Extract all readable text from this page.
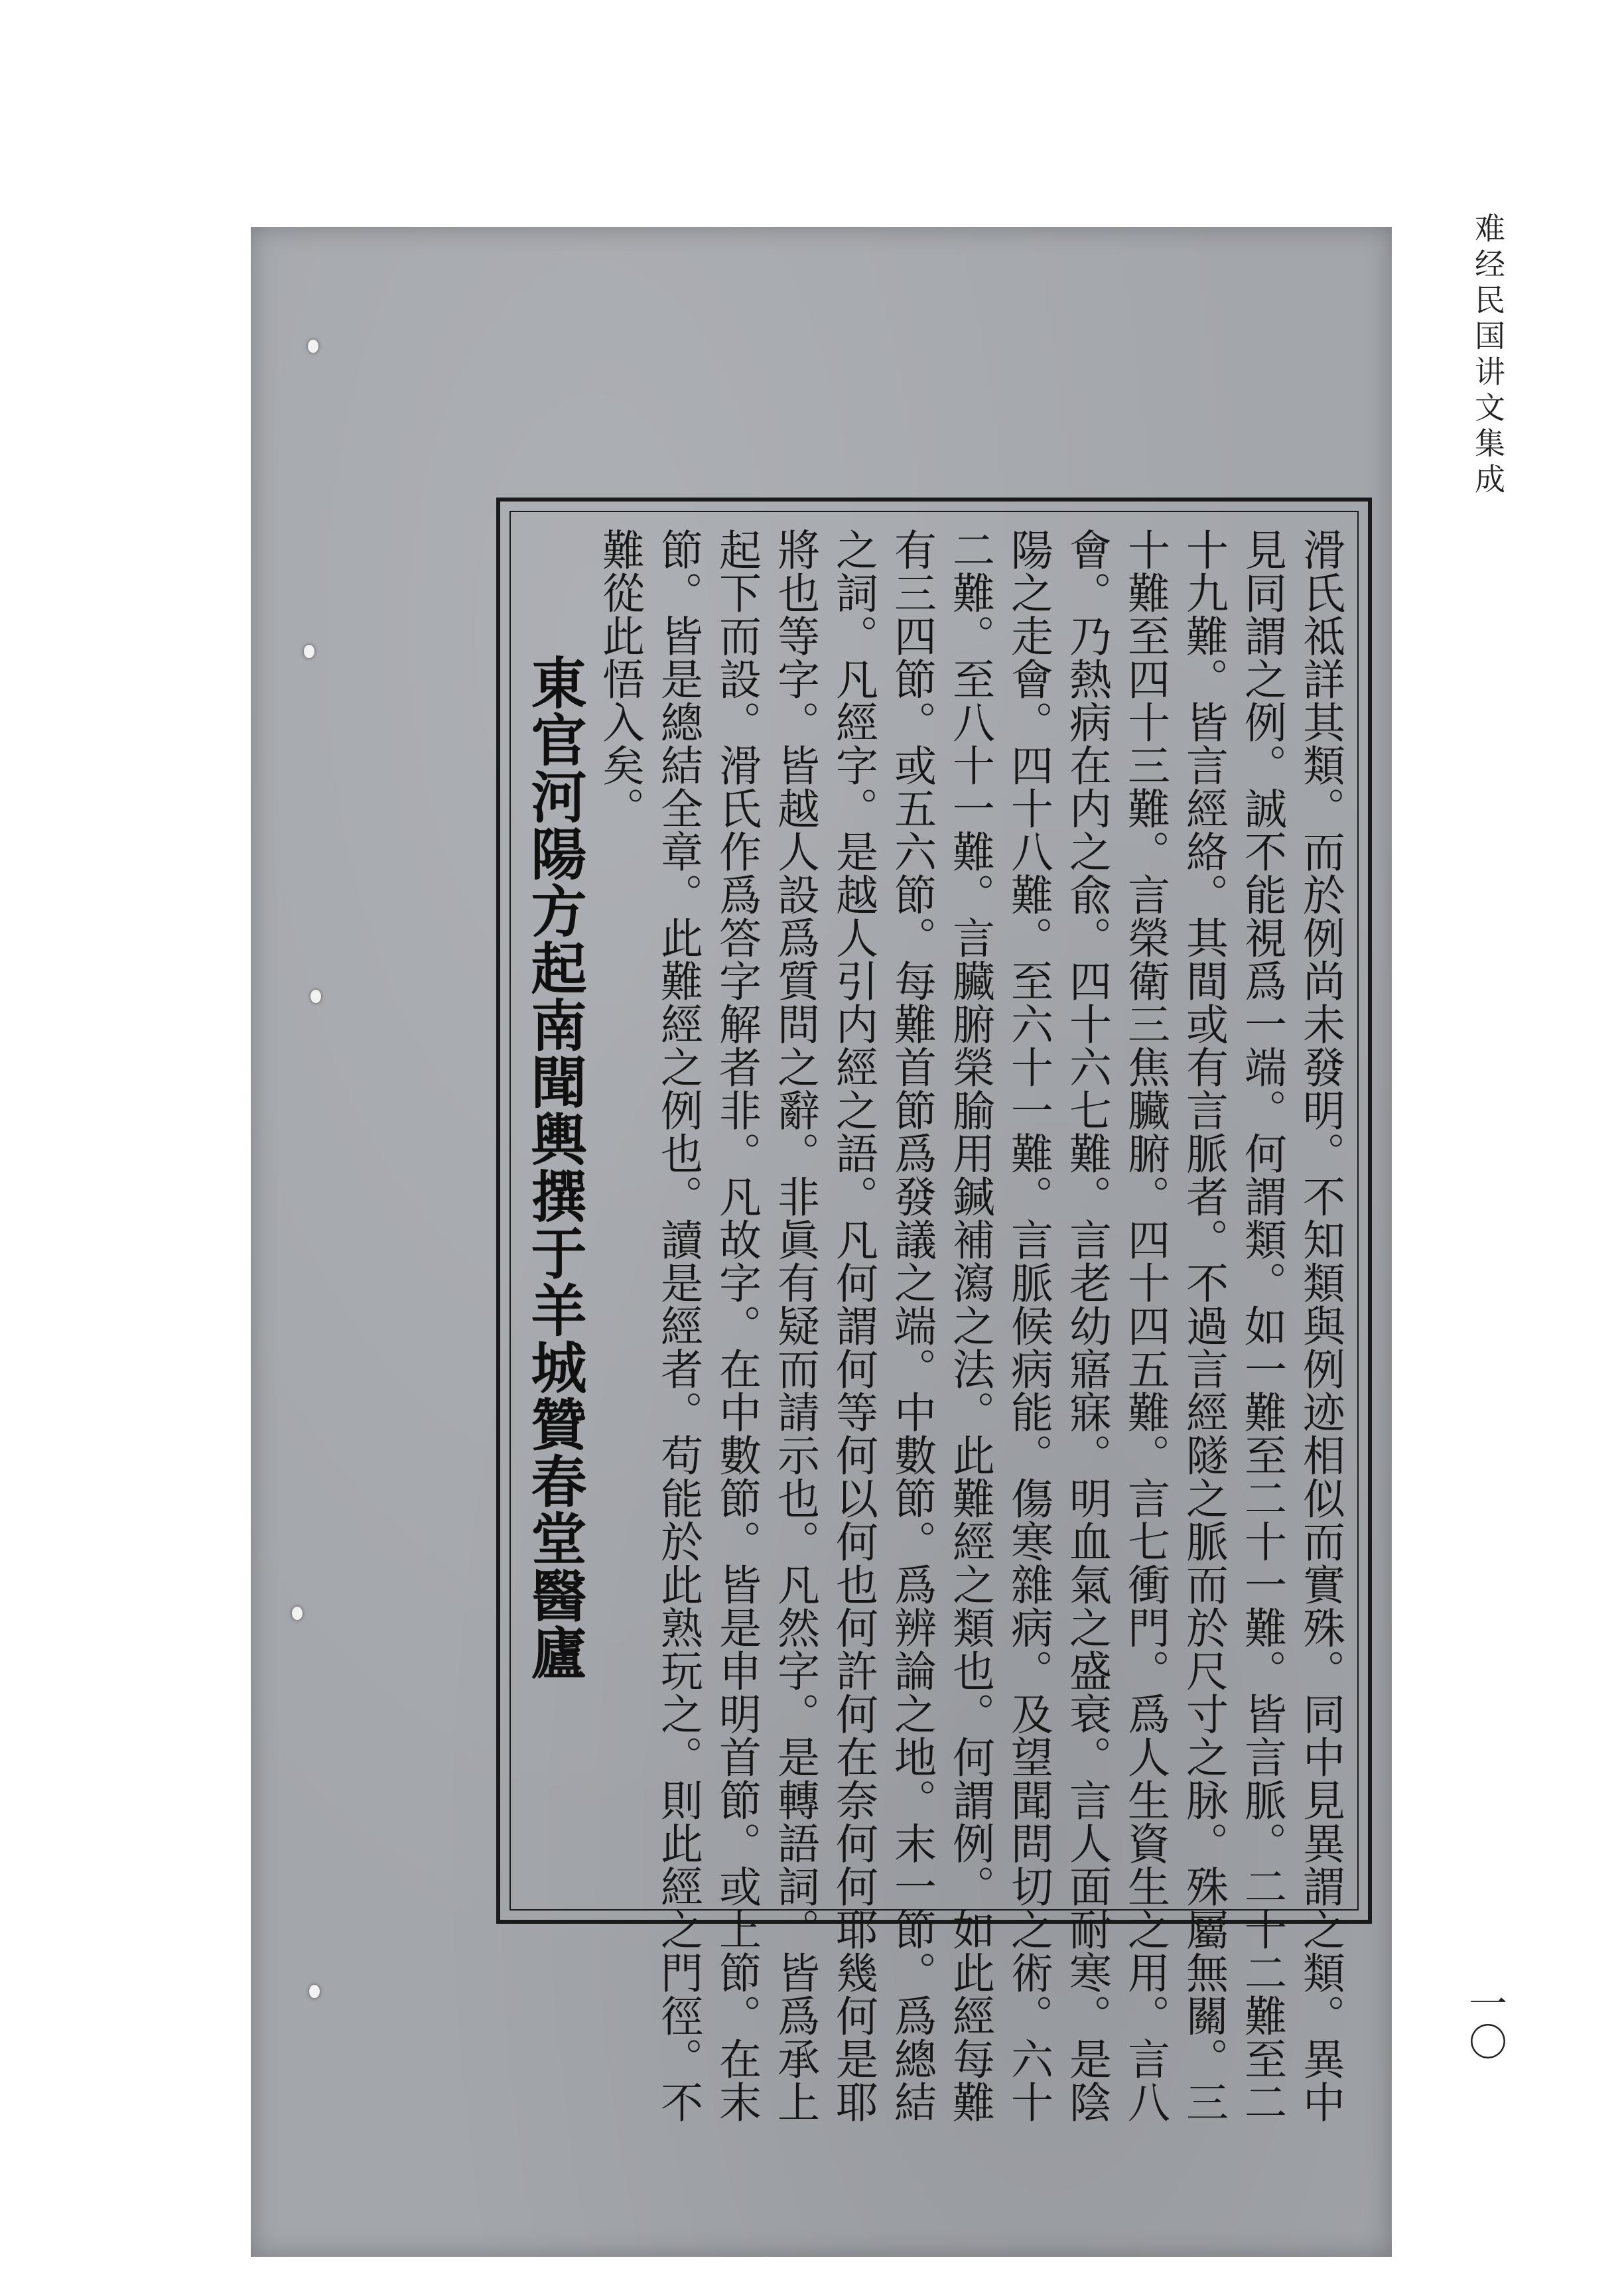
难经民国讲文集成
一〇
滑氏祗詳其類。而於例尚未發明。不知類與例迹相似而實殊。同中見異謂之類。異中
見同謂之例。誠不能視爲一端。何謂類。如一難至二十一難。皆言脈。二十二難至二
十九難。皆言經絡。其間或有言脈者。不過言經隧之脈而於尺寸之脉。殊屬無關。三
十難至四十三難。言榮衛三焦臟腑。四十四五難。言七衝門。爲人生資生之用。言八
會。乃熱病在内之兪。四十六七難。言老幼寤寐。明血氣之盛衰。言人面耐寒。是陰
陽之走會。四十八難。至六十一難。言脈候病能。傷寒雜病。及望聞問切之術。六十
二難。至八十一難。言臟腑榮腧用鍼補瀉之法。此難經之類也。何謂例。如此經每難
有三四節。或五六節。每難首節爲發議之端。中數節。爲辨論之地。末一節。爲總結
之詞。凡經字。是越人引内經之語。凡何謂何等何以何也何許何在奈何何耶幾何是耶
將也等字。皆越人設爲質問之辭。非眞有疑而請示也。凡然字。是轉語詞。皆爲承上
起下而設。滑氏作爲答字解者非。凡故字。在中數節。皆是申明首節。或上節。在末
節。皆是總結全章。此難經之例也。讀是經者。苟能於此熟玩之。則此經之門徑。不
難從此悟入矣。
東官河陽方起南聞輿撰于羊城贊春堂醫廬
